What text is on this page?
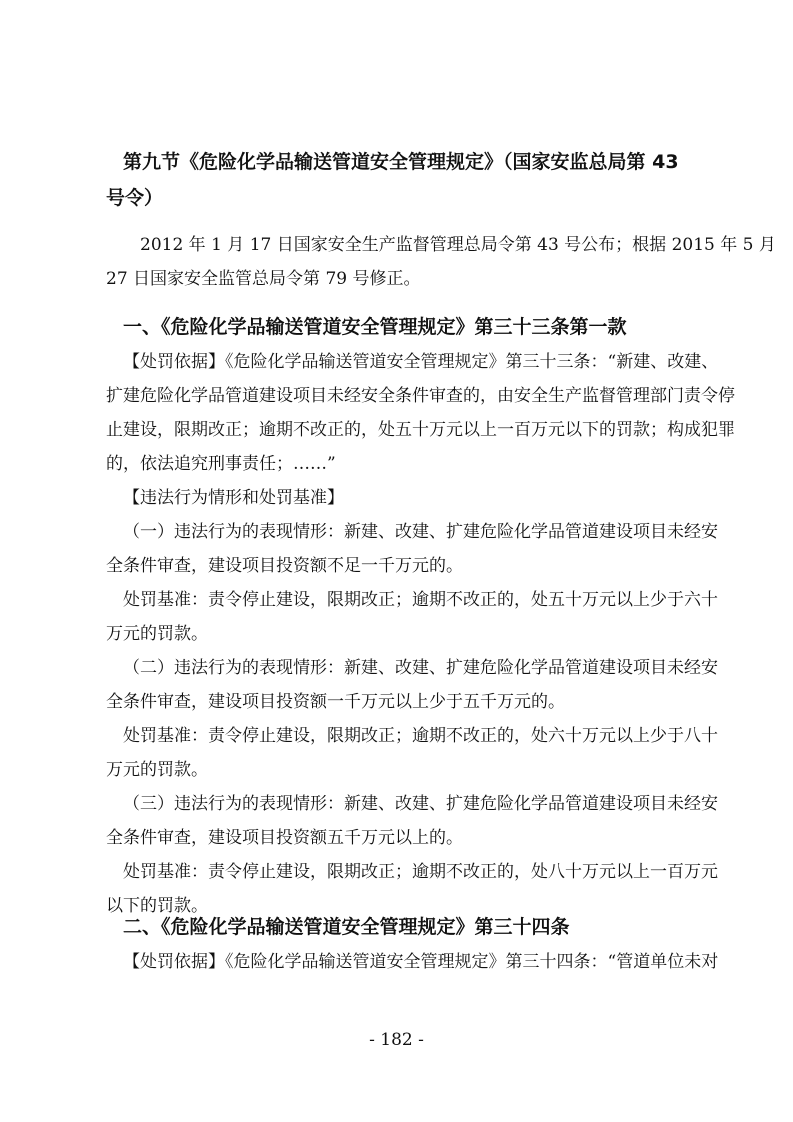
第九节《危险化学品输送管道安全管理规定》（国家安监总局第 43
号令）
2012 年 1 月 17 日国家安全生产监督管理总局令第 43 号公布；根据 2015 年 5 月
27 日国家安全监管总局令第 79 号修正。
一、《危险化学品输送管道安全管理规定》第三十三条第一款
【处罚依据】《危险化学品输送管道安全管理规定》第三十三条：“新建、改建、
扩建危险化学品管道建设项目未经安全条件审查的，由安全生产监督管理部门责令停
止建设，限期改正；逾期不改正的，处五十万元以上一百万元以下的罚款；构成犯罪
的，依法追究刑事责任；……”
【违法行为情形和处罚基准】
（一）违法行为的表现情形：新建、改建、扩建危险化学品管道建设项目未经安
全条件审查，建设项目投资额不足一千万元的。
处罚基准：责令停止建设，限期改正；逾期不改正的，处五十万元以上少于六十
万元的罚款。
（二）违法行为的表现情形：新建、改建、扩建危险化学品管道建设项目未经安
全条件审查，建设项目投资额一千万元以上少于五千万元的。
处罚基准：责令停止建设，限期改正；逾期不改正的，处六十万元以上少于八十
万元的罚款。
（三）违法行为的表现情形：新建、改建、扩建危险化学品管道建设项目未经安
全条件审查，建设项目投资额五千万元以上的。
处罚基准：责令停止建设，限期改正；逾期不改正的，处八十万元以上一百万元
以下的罚款。
二、《危险化学品输送管道安全管理规定》第三十四条
【处罚依据】《危险化学品输送管道安全管理规定》第三十四条：“管道单位未对
- 182 -
